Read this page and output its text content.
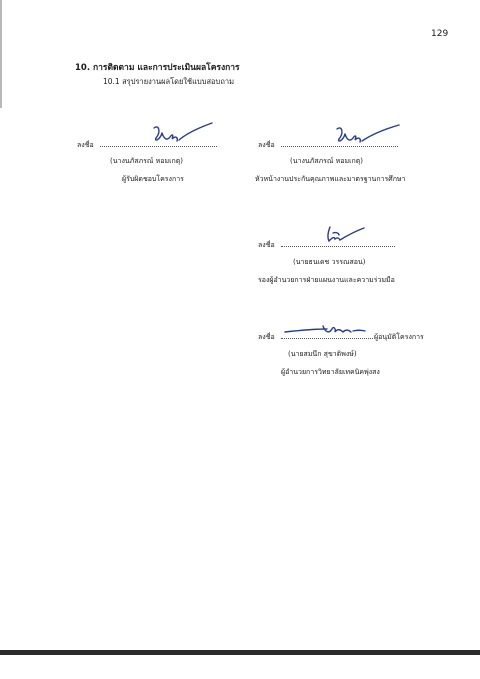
129
10. การติดตาม และการประเมินผลโครงการ
10.1 สรุปรายงานผลโดยใช้แบบสอบถาม
ลงชื่อ
(นางนภัสภรณ์ หอมเกตุ)
ผู้รับผิดชอบโครงการ
ลงชื่อ
(นางนภัสภรณ์ หอมเกตุ)
หัวหน้างานประกันคุณภาพและมาตรฐานการศึกษา
ลงชื่อ
(นายธนเดช วรรณสอน)
รองผู้อำนวยการฝ่ายแผนงานและความร่วมมือ
ลงชื่อ	ผู้อนุมัติโครงการ
(นายสมนึก สุขาติพงษ์)
ผู้อำนวยการวิทยาลัยเทคนิคพุ่งสง
